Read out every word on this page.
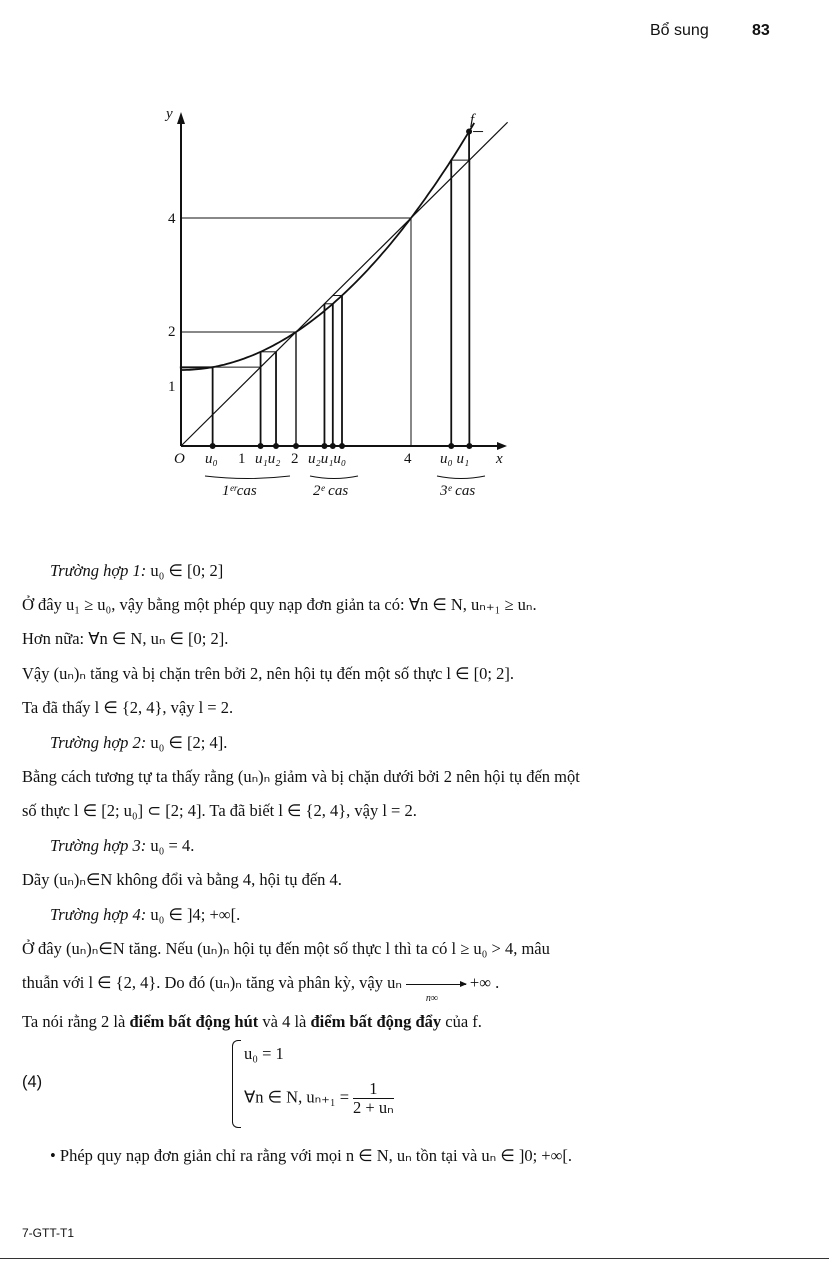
Bổ sung	83
y	f
4
2
1
O u₀ 1 u₁u₂ 2 u₂u₁u₀	4 u₀ u₁ x
1ᵉʳcas	2ᵉ cas	3ᵉ cas
Trường hợp 1: u₀ ∈ [0; 2]
Ở đây u₁ ≥ u₀, vậy bằng một phép quy nạp đơn giản ta có: ∀n ∈ N, uₙ₊₁ ≥ uₙ.
Hơn nữa: ∀n ∈ N, uₙ ∈ [0; 2].
Vậy (uₙ)ₙ tăng và bị chặn trên bởi 2, nên hội tụ đến một số thực l ∈ [0; 2].
Ta đã thấy l ∈ {2, 4}, vậy l = 2.
Trường hợp 2: u₀ ∈ [2; 4].
Bằng cách tương tự ta thấy rằng (uₙ)ₙ giảm và bị chặn dưới bởi 2 nên hội tụ đến một
số thực l ∈ [2; u₀] ⊂ [2; 4]. Ta đã biết l ∈ {2, 4}, vậy l = 2.
Trường hợp 3: u₀ = 4.
Dãy (uₙ)ₙ∈N không đổi và bằng 4, hội tụ đến 4.
Trường hợp 4: u₀ ∈ ]4; +∞[.
Ở đây (uₙ)ₙ∈N tăng. Nếu (uₙ)ₙ hội tụ đến một số thực l thì ta có l ≥ u₀ > 4, mâu
thuẫn với l ∈ {2, 4}. Do đó (uₙ)ₙ tăng và phân kỳ, vậy uₙ
n∞
+∞ .
Ta nói rằng 2 là điểm bất động hút và 4 là điểm bất động đẩy của f.
(4)
u₀ = 1
∀n ∈ N, $u_{n+1} = \frac{1}{\text{2 + uₙ}}$
• Phép quy nạp đơn giản chỉ ra rằng với mọi n ∈ N, uₙ tồn tại và uₙ ∈ ]0; +∞[.
7-GTT-T1
